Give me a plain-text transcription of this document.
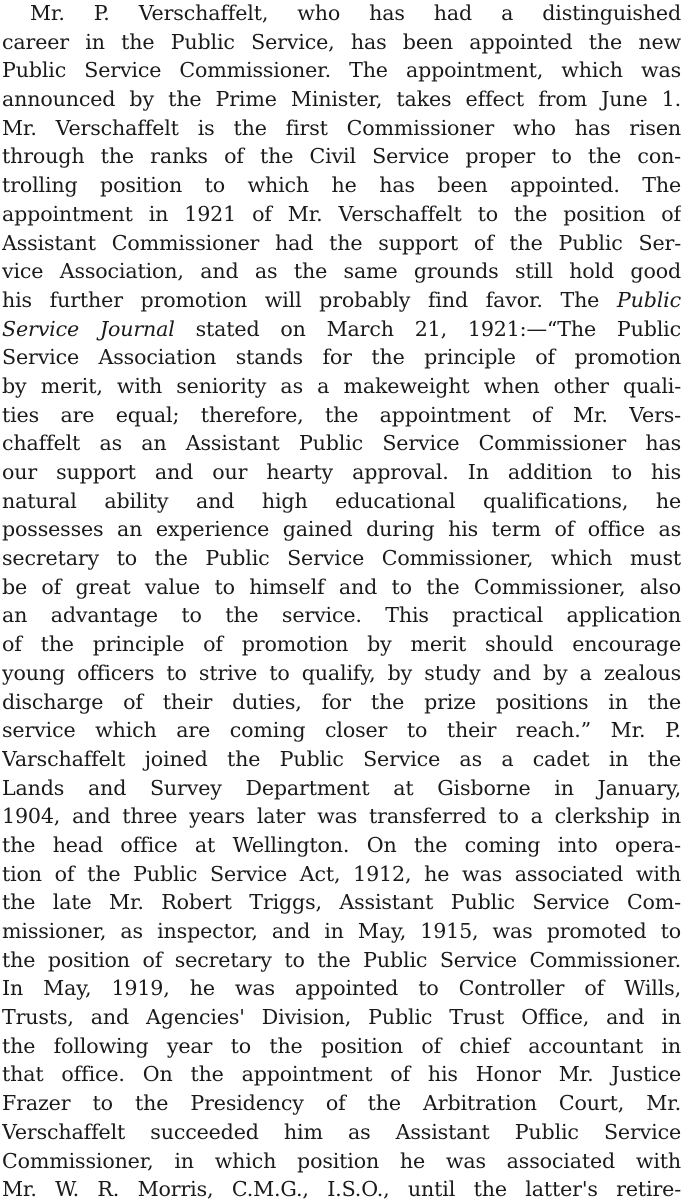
Mr. P. Verschaffelt, who has had a distinguished
career in the Public Service, has been appointed the new
Public Service Commissioner. The appointment, which was
announced by the Prime Minister, takes effect from June 1.
Mr. Verschaffelt is the first Commissioner who has risen
through the ranks of the Civil Service proper to the con-
trolling position to which he has been appointed. The
appointment in 1921 of Mr. Verschaffelt to the position of
Assistant Commissioner had the support of the Public Ser-
vice Association, and as the same grounds still hold good
his further promotion will probably find favor. The Public
Service Journal stated on March 21, 1921:—“The Public
Service Association stands for the principle of promotion
by merit, with seniority as a makeweight when other quali-
ties are equal; therefore, the appointment of Mr. Vers-
chaffelt as an Assistant Public Service Commissioner has
our support and our hearty approval. In addition to his
natural ability and high educational qualifications, he
possesses an experience gained during his term of office as
secretary to the Public Service Commissioner, which must
be of great value to himself and to the Commissioner, also
an advantage to the service. This practical application
of the principle of promotion by merit should encourage
young officers to strive to qualify, by study and by a zealous
discharge of their duties, for the prize positions in the
service which are coming closer to their reach.” Mr. P.
Varschaffelt joined the Public Service as a cadet in the
Lands and Survey Department at Gisborne in January,
1904, and three years later was transferred to a clerkship in
the head office at Wellington. On the coming into opera-
tion of the Public Service Act, 1912, he was associated with
the late Mr. Robert Triggs, Assistant Public Service Com-
missioner, as inspector, and in May, 1915, was promoted to
the position of secretary to the Public Service Commissioner.
In May, 1919, he was appointed to Controller of Wills,
Trusts, and Agencies' Division, Public Trust Office, and in
the following year to the position of chief accountant in
that office. On the appointment of his Honor Mr. Justice
Frazer to the Presidency of the Arbitration Court, Mr.
Verschaffelt succeeded him as Assistant Public Service
Commissioner, in which position he was associated with
Mr. W. R. Morris, C.M.G., I.S.O., until the latter's retire-
